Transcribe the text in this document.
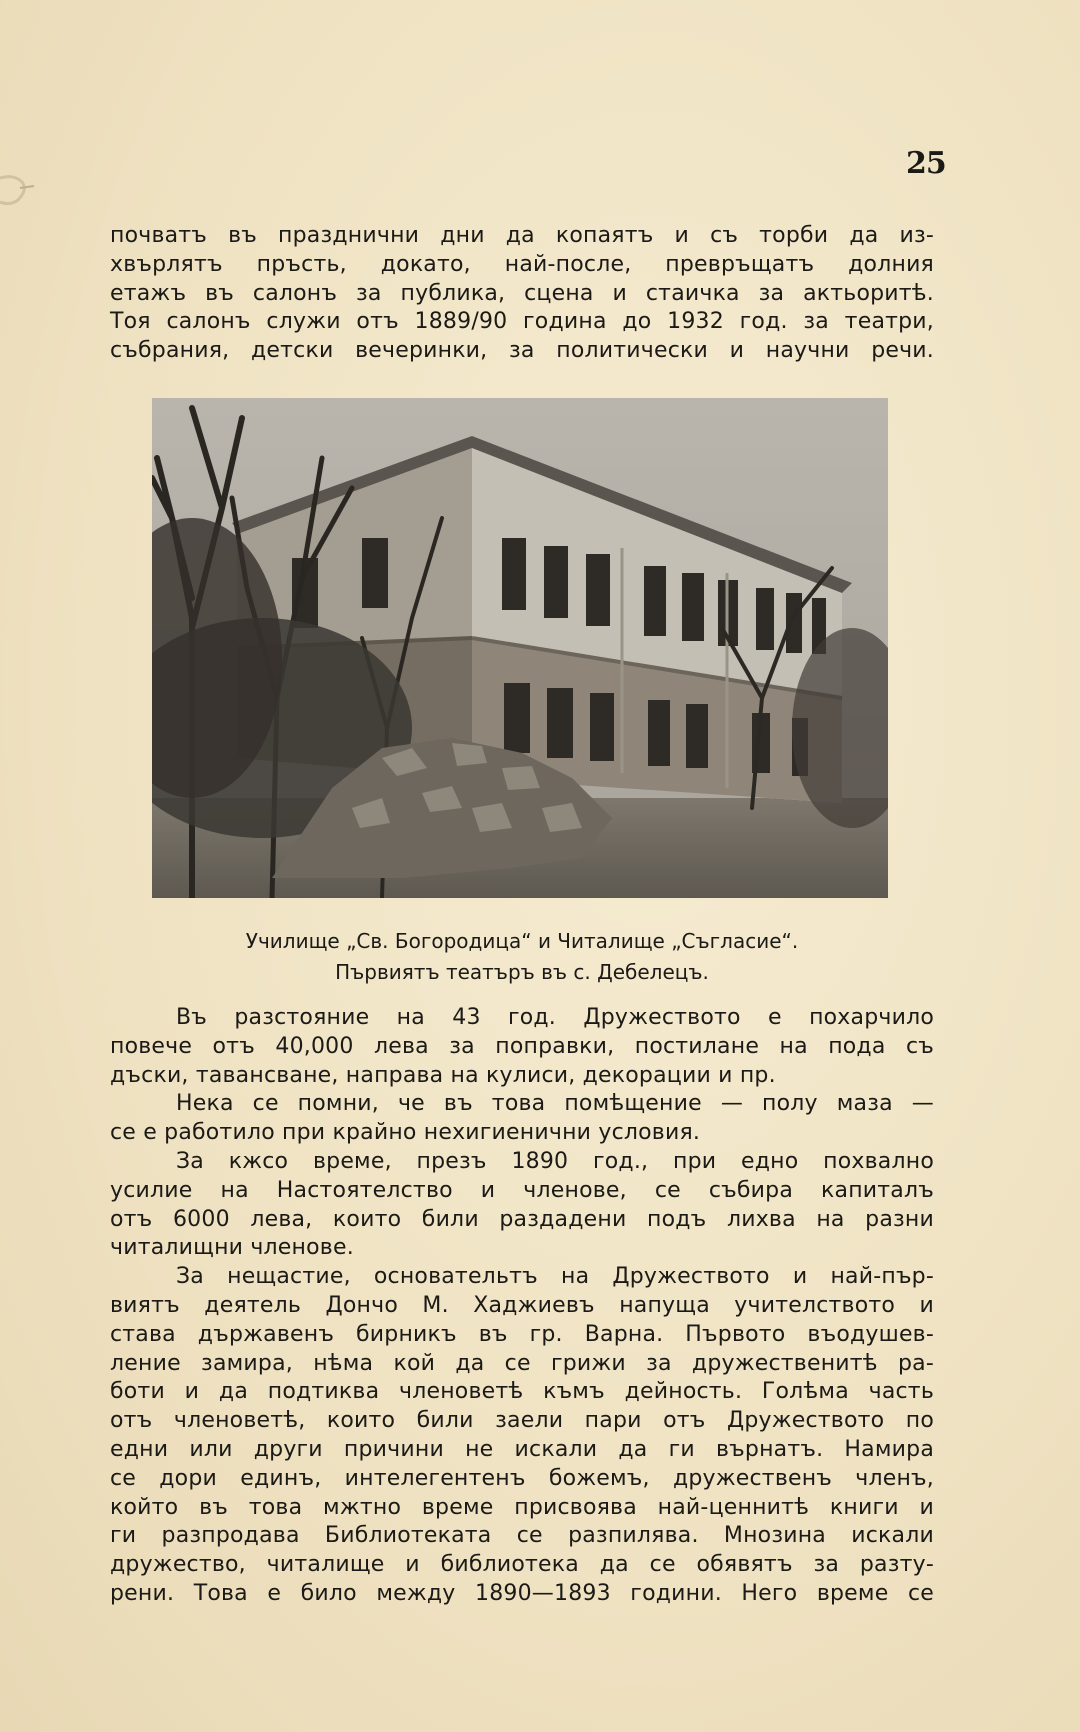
25

почватъ въ празднични дни да копаятъ и съ торби да из-

хвърлятъ пръсть, докато, най-после, превръщатъ долния

етажъ въ салонъ за публика, сцена и стаичка за актьоритѣ.

Тоя салонъ служи отъ 1889/90 година до 1932 год. за театри,

събрания, детски вечеринки, за политически и научни речи.

Училище „Св. Богородица“ и Читалище „Съгласие“.
Първиятъ театъръ въ с. Дебелецъ.

Въ разстояние на 43 год. Дружеството е похарчило

повече отъ 40,000 лева за поправки, постилане на пода съ

дъски, тавансване, направа на кулиси, декорации и пр.

Нека се помни, че въ това помѣщение — полу маза —

се е работило при крайно нехигиенични условия.

За кжсо време, презъ 1890 год., при едно похвално

усилие на Настоятелство и членове, се събира капиталъ

отъ 6000 лева, които били раздадени подъ лихва на разни

читалищни членове.

За нещастие, основательтъ на Дружеството и най-пър-

виятъ деятель Дончо М. Хаджиевъ напуща учителството и

става държавенъ бирникъ въ гр. Варна. Първото въодушев-

ление замира, нѣма кой да се грижи за дружественитѣ ра-

боти и да подтиква членоветѣ къмъ дейность. Голѣма часть

отъ членоветѣ, които били заели пари отъ Дружеството по

едни или други причини не искали да ги върнатъ. Намира

се дори единъ, интелегентенъ божемъ, дружественъ членъ,

който въ това мжтно време присвоява най-ценнитѣ книги и

ги разпродава Библиотеката се разпилява. Мнозина искали

дружество, читалище и библиотека да се обявятъ за разту-

рени. Това е било между 1890—1893 години. Него време се
